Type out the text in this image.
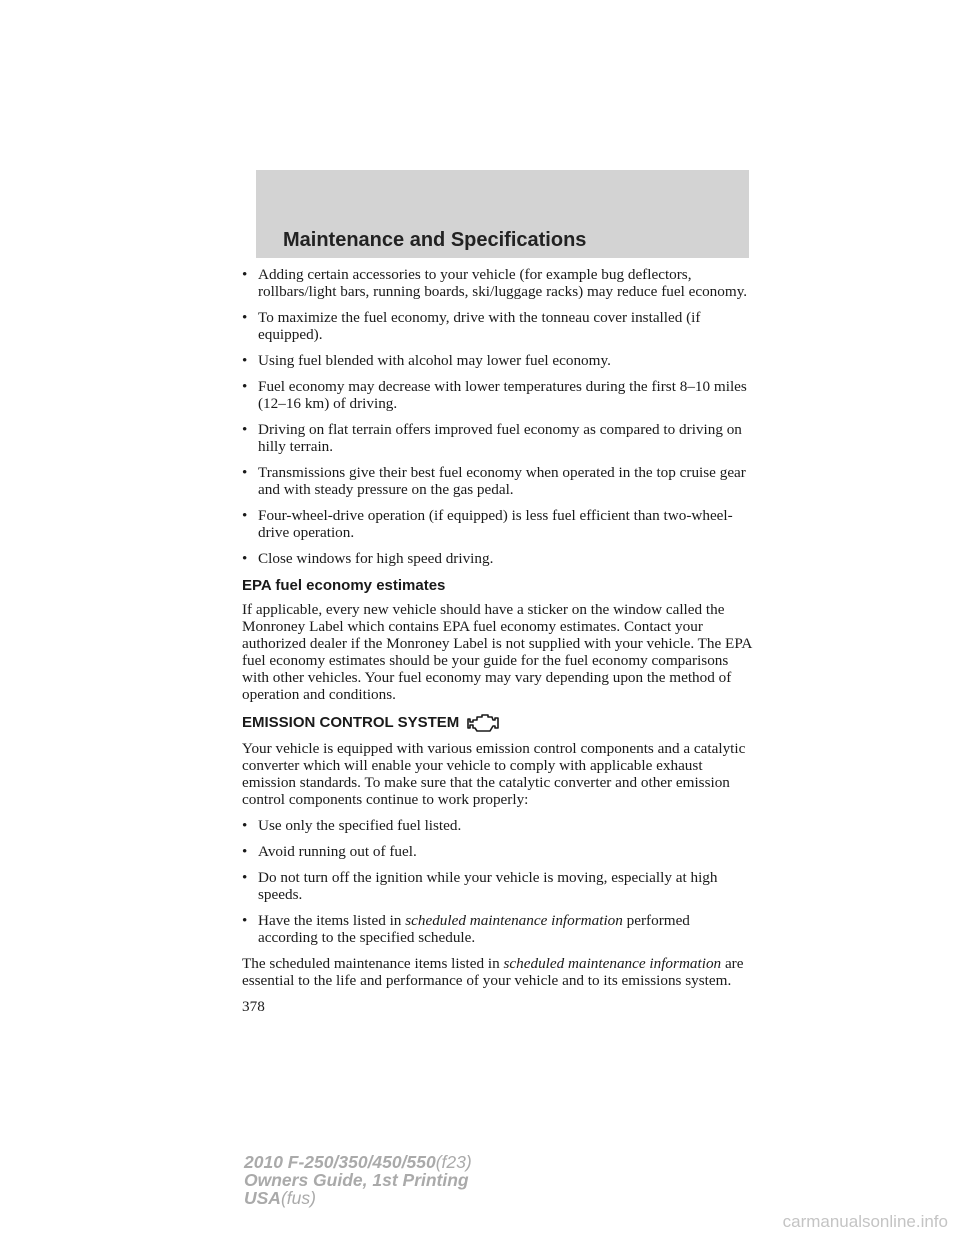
Maintenance and Specifications
• Adding certain accessories to your vehicle (for example bug deflectors, rollbars/light bars, running boards, ski/luggage racks) may reduce fuel economy.
• To maximize the fuel economy, drive with the tonneau cover installed (if equipped).
• Using fuel blended with alcohol may lower fuel economy.
• Fuel economy may decrease with lower temperatures during the first 8–10 miles (12–16 km) of driving.
• Driving on flat terrain offers improved fuel economy as compared to driving on hilly terrain.
• Transmissions give their best fuel economy when operated in the top cruise gear and with steady pressure on the gas pedal.
• Four-wheel-drive operation (if equipped) is less fuel efficient than two-wheel-drive operation.
• Close windows for high speed driving.
EPA fuel economy estimates

If applicable, every new vehicle should have a sticker on the window called the Monroney Label which contains EPA fuel economy estimates. Contact your authorized dealer if the Monroney Label is not supplied with your vehicle. The EPA fuel economy estimates should be your guide for the fuel economy comparisons with other vehicles. Your fuel economy may vary depending upon the method of operation and conditions.

EMISSION CONTROL SYSTEM

Your vehicle is equipped with various emission control components and a catalytic converter which will enable your vehicle to comply with applicable exhaust emission standards. To make sure that the catalytic converter and other emission control components continue to work properly:

• Use only the specified fuel listed.
• Avoid running out of fuel.
• Do not turn off the ignition while your vehicle is moving, especially at high speeds.
• Have the items listed in scheduled maintenance information performed according to the specified schedule.

The scheduled maintenance items listed in scheduled maintenance information are essential to the life and performance of your vehicle and to its emissions system.

378
2010 F-250/350/450/550(f23)
Owners Guide, 1st Printing
USA(fus)
carmanualsonline.info
